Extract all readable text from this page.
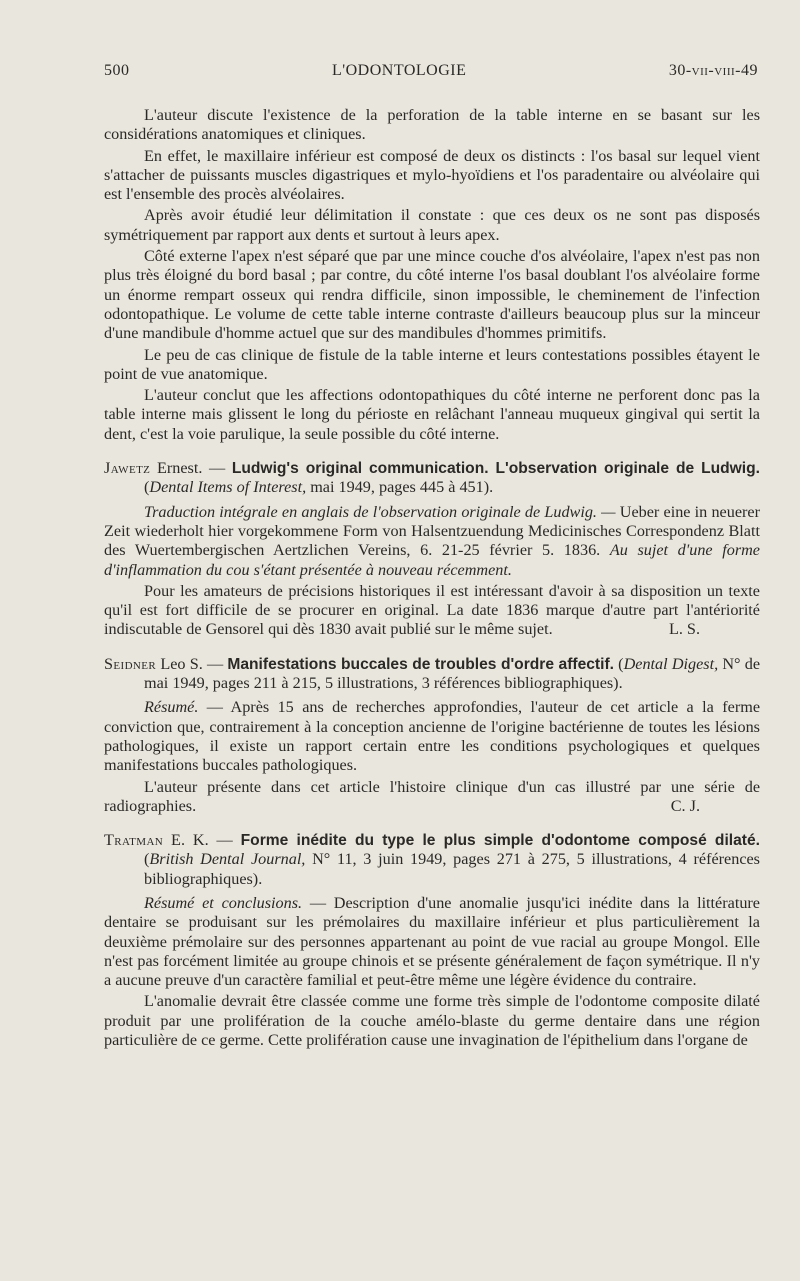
500	L'ODONTOLOGIE	30-vii-viii-49

L'auteur discute l'existence de la perforation de la table interne en se basant sur les considérations anatomiques et cliniques.

En effet, le maxillaire inférieur est composé de deux os distincts : l'os basal sur lequel vient s'attacher de puissants muscles digastriques et mylo-hyoïdiens et l'os paradentaire ou alvéolaire qui est l'ensemble des procès alvéolaires.

Après avoir étudié leur délimitation il constate : que ces deux os ne sont pas disposés symétriquement par rapport aux dents et surtout à leurs apex.

Côté externe l'apex n'est séparé que par une mince couche d'os alvéolaire, l'apex n'est pas non plus très éloigné du bord basal ; par contre, du côté interne l'os basal doublant l'os alvéolaire forme un énorme rempart osseux qui rendra difficile, sinon impossible, le cheminement de l'infection odontopathique. Le volume de cette table interne contraste d'ailleurs beaucoup plus sur la minceur d'une mandibule d'homme actuel que sur des mandibules d'hommes primitifs.

Le peu de cas clinique de fistule de la table interne et leurs contestations possibles étayent le point de vue anatomique.

L'auteur conclut que les affections odontopathiques du côté interne ne perforent donc pas la table interne mais glissent le long du périoste en relâchant l'anneau muqueux gingival qui sertit la dent, c'est la voie parulique, la seule possible du côté interne.

Jawetz Ernest. — Ludwig's original communication. L'observation originale de Ludwig. (Dental Items of Interest, mai 1949, pages 445 à 451).

Traduction intégrale en anglais de l'observation originale de Ludwig. — Ueber eine in neuerer Zeit wiederholt hier vorgekommene Form von Halsentzuendung Medicinisches Correspondenz Blatt des Wuertembergischen Aertzlichen Vereins, 6. 21-25 février 5. 1836. Au sujet d'une forme d'inflammation du cou s'étant présentée à nouveau récemment.

Pour les amateurs de précisions historiques il est intéressant d'avoir à sa disposition un texte qu'il est fort difficile de se procurer en original. La date 1836 marque d'autre part l'antériorité indiscutable de Gensorel qui dès 1830 avait publié sur le même sujet.	L. S.

Seidner Leo S. — Manifestations buccales de troubles d'ordre affectif. (Dental Digest, N° de mai 1949, pages 211 à 215, 5 illustrations, 3 références bibliographiques).

Résumé. — Après 15 ans de recherches approfondies, l'auteur de cet article a la ferme conviction que, contrairement à la conception ancienne de l'origine bactérienne de toutes les lésions pathologiques, il existe un rapport certain entre les conditions psychologiques et quelques manifestations buccales pathologiques.

L'auteur présente dans cet article l'histoire clinique d'un cas illustré par une série de radiographies.	C. J.

Tratman E. K. — Forme inédite du type le plus simple d'odontome composé dilaté. (British Dental Journal, N° 11, 3 juin 1949, pages 271 à 275, 5 illustrations, 4 références bibliographiques).

Résumé et conclusions. — Description d'une anomalie jusqu'ici inédite dans la littérature dentaire se produisant sur les prémolaires du maxillaire inférieur et plus particulièrement la deuxième prémolaire sur des personnes appartenant au point de vue racial au groupe Mongol. Elle n'est pas forcément limitée au groupe chinois et se présente généralement de façon symétrique. Il n'y a aucune preuve d'un caractère familial et peut-être même une légère évidence du contraire.

L'anomalie devrait être classée comme une forme très simple de l'odontome composite dilaté produit par une prolifération de la couche amélo-blaste du germe dentaire dans une région particulière de ce germe. Cette prolifération cause une invagination de l'épithelium dans l'organe de
